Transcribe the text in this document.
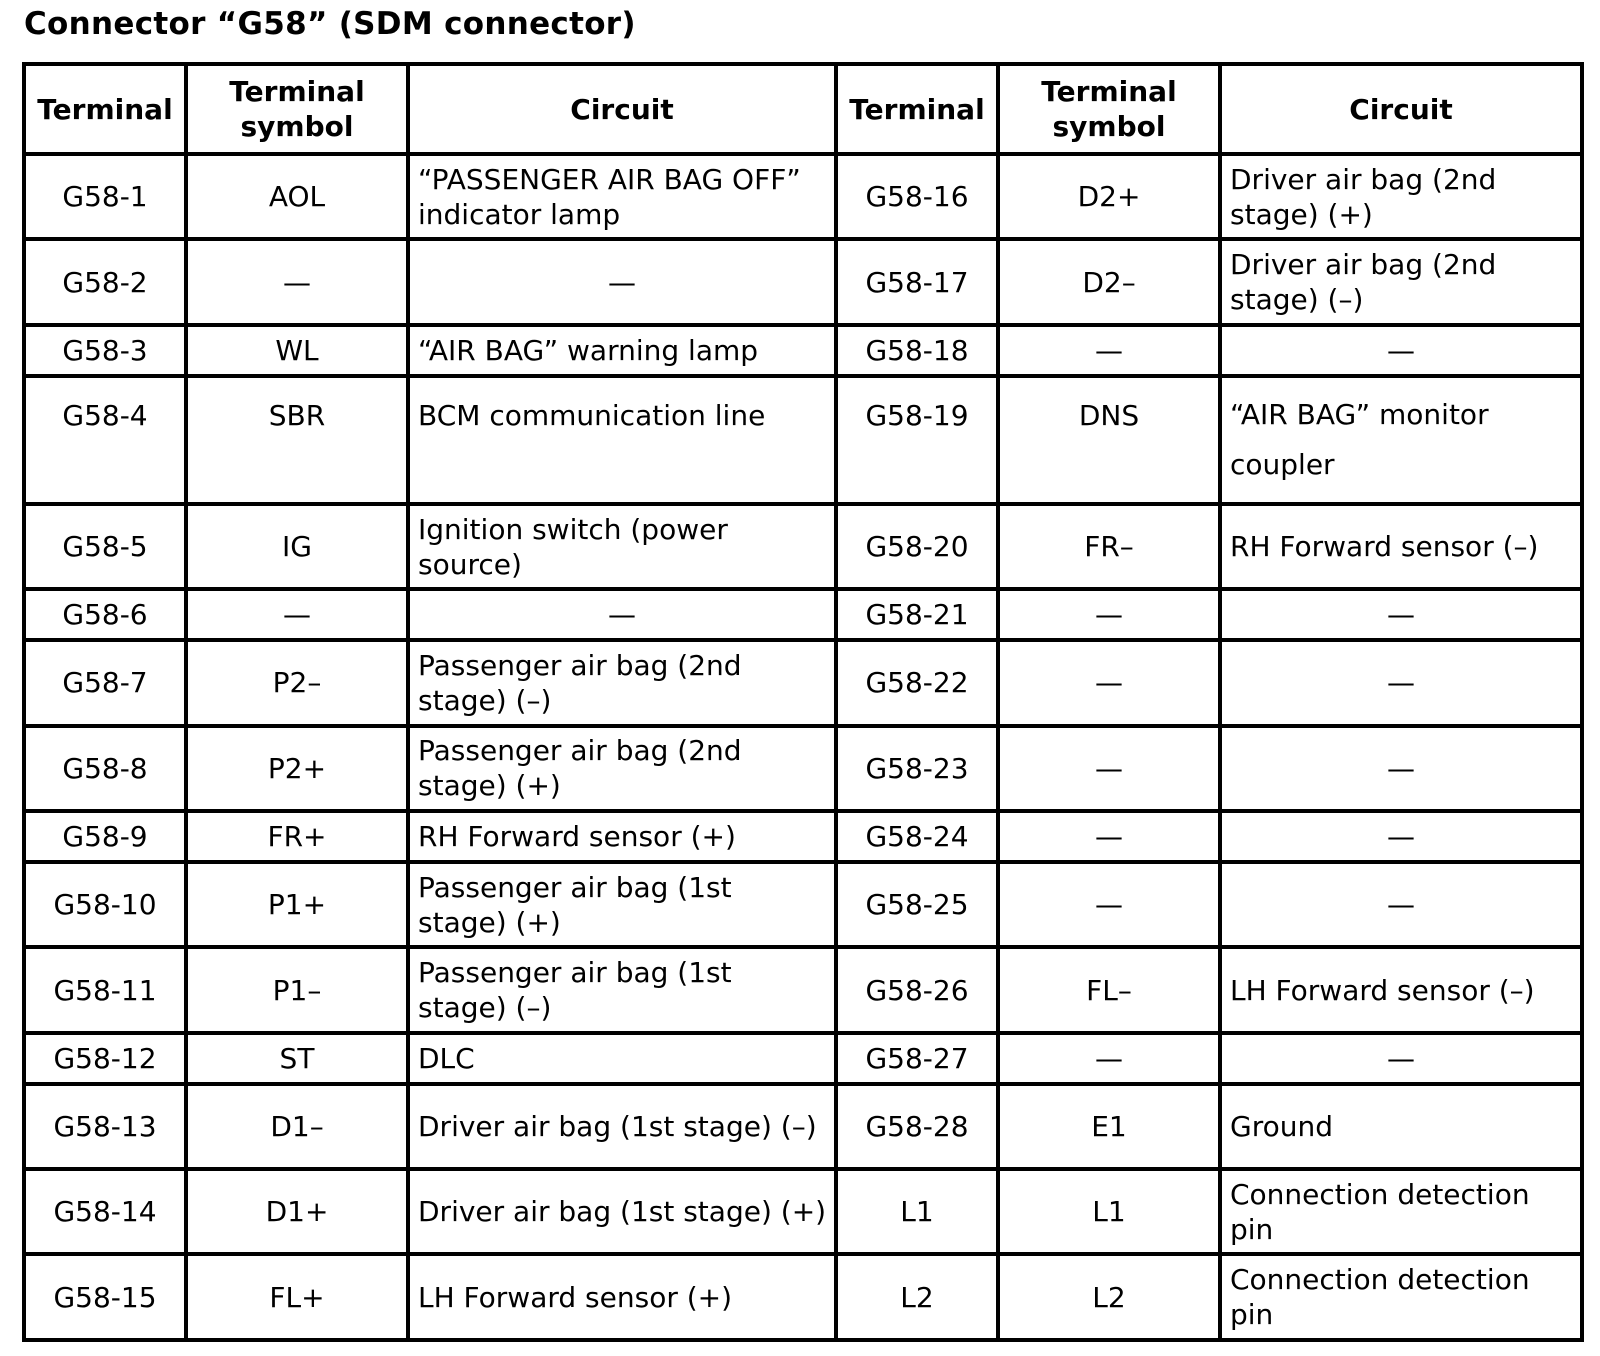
Connector “G58” (SDM connector)
Terminal	Terminal symbol	Circuit	Terminal	Terminal symbol	Circuit
G58-1	AOL	“PASSENGER AIR BAG OFF” indicator lamp	G58-16	D2+	Driver air bag (2nd stage) (+)
G58-2	—	—	G58-17	D2–	Driver air bag (2nd stage) (–)
G58-3	WL	“AIR BAG” warning lamp	G58-18	—	—
G58-4	SBR	BCM communication line	G58-19	DNS	“AIR BAG” monitor coupler
G58-5	IG	Ignition switch (power source)	G58-20	FR–	RH Forward sensor (–)
G58-6	—	—	G58-21	—	—
G58-7	P2–	Passenger air bag (2nd stage) (–)	G58-22	—	—
G58-8	P2+	Passenger air bag (2nd stage) (+)	G58-23	—	—
G58-9	FR+	RH Forward sensor (+)	G58-24	—	—
G58-10	P1+	Passenger air bag (1st stage) (+)	G58-25	—	—
G58-11	P1–	Passenger air bag (1st stage) (–)	G58-26	FL–	LH Forward sensor (–)
G58-12	ST	DLC	G58-27	—	—
G58-13	D1–	Driver air bag (1st stage) (–)	G58-28	E1	Ground
G58-14	D1+	Driver air bag (1st stage) (+)	L1	L1	Connection detection pin
G58-15	FL+	LH Forward sensor (+)	L2	L2	Connection detection pin
